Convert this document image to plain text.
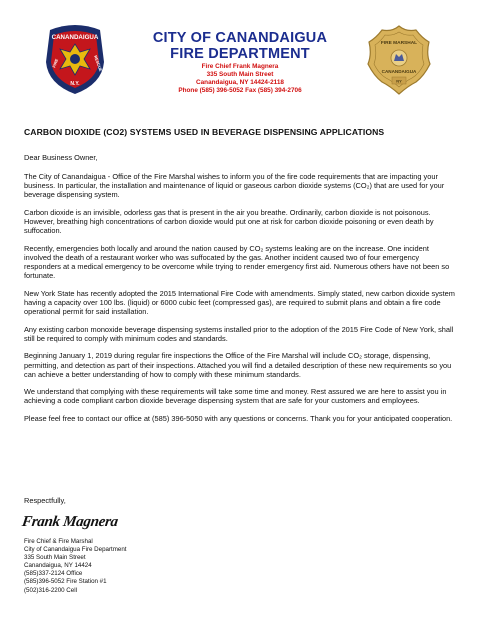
CANANDAIGUA
FIRE	RESCUE
N.Y.
CITY OF CANANDAIGUA
FIRE DEPARTMENT
Fire Chief Frank Magnera
335 South Main Street
Canandaigua, NY 14424-2118
Phone (585) 396-5052 Fax (585) 394-2706
FIRE MARSHAL
CANANDAIGUA
NY
CARBON DIOXIDE (CO2) SYSTEMS USED IN BEVERAGE DISPENSING APPLICATIONS

Dear Business Owner,

The City of Canandaigua - Office of the Fire Marshal wishes to inform you of the fire code requirements that are impacting your business. In particular, the installation and maintenance of liquid or gaseous carbon dioxide systems (CO₂) that are used for your beverage dispensing system.

Carbon dioxide is an invisible, odorless gas that is present in the air you breathe. Ordinarily, carbon dioxide is not poisonous. However, breathing high concentrations of carbon dioxide would put one at risk for carbon dioxide poisoning or even death by suffocation.

Recently, emergencies both locally and around the nation caused by CO₂ systems leaking are on the increase. One incident involved the death of a restaurant worker who was suffocated by the gas. Another incident caused two of four emergency responders at a medical emergency to be overcome while trying to render emergency first aid. Numerous others have not been so fortunate.

New York State has recently adopted the 2015 International Fire Code with amendments. Simply stated, new carbon dioxide system having a capacity over 100 lbs. (liquid) or 6000 cubic feet (compressed gas), are required to submit plans and obtain a fire code operational permit for said installation.

Any existing carbon monoxide beverage dispensing systems installed prior to the adoption of the 2015 Fire Code of New York, shall still be required to comply with minimum codes and standards.

Beginning January 1, 2019 during regular fire inspections the Office of the Fire Marshal will include CO₂ storage, dispensing, permitting, and detection as part of their inspections. Attached you will find a detailed description of these new requirements so you can achieve a better understanding of how to comply with these minimum standards.

We understand that complying with these requirements will take some time and money. Rest assured we are here to assist you in achieving a code compliant carbon dioxide beverage dispensing system that are safe for your customers and employees.

Please feel free to contact our office at (585) 396-5050 with any questions or concerns. Thank you for your anticipated cooperation.

Respectfully,
Frank Magnera
Fire Chief & Fire Marshal
City of Canandaigua Fire Department
335 South Main Street
Canandaigua, NY 14424
(585)337-2124 Office
(585)396-5052 Fire Station #1
(502)316-2200 Cell
